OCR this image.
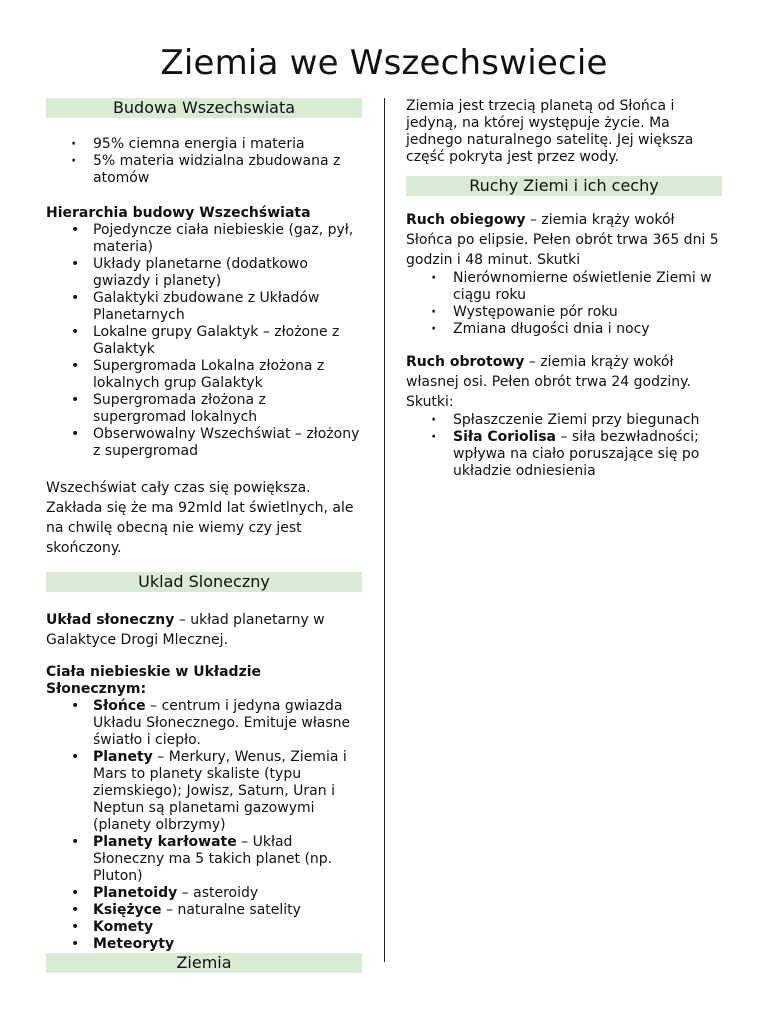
Ziemia we Wszechswiecie
Budowa Wszechswiata
· 95% ciemna energia i materia
· 5% materia widzialna zbudowana z atomów
Hierarchia budowy Wszechświata
• Pojedyncze ciała niebieskie (gaz, pył, materia)
• Układy planetarne (dodatkowo gwiazdy i planety)
• Galaktyki zbudowane z Układów Planetarnych
• Lokalne grupy Galaktyk – złożone z Galaktyk
• Supergromada Lokalna złożona z lokalnych grup Galaktyk
• Supergromada złożona z supergromad lokalnych
• Obserwowalny Wszechświat – złożony z supergromad

Wszechświat cały czas się powiększa. Zakłada się że ma 92mld lat świetlnych, ale na chwilę obecną nie wiemy czy jest skończony.

Uklad Sloneczny

Układ słoneczny – układ planetarny w Galaktyce Drogi Mlecznej.

Ciała niebieskie w Układzie Słonecznym:
• Słońce – centrum i jedyna gwiazda Układu Słonecznego. Emituje własne światło i ciepło.
• Planety – Merkury, Wenus, Ziemia i Mars to planety skaliste (typu ziemskiego); Jowisz, Saturn, Uran i Neptun są planetami gazowymi (planety olbrzymy)
• Planety karłowate – Układ Słoneczny ma 5 takich planet (np. Pluton)
• Planetoidy – asteroidy
• Księżyce – naturalne satelity
• Komety
• Meteoryty
Ziemia

Ziemia jest trzecią planetą od Słońca i jedyną, na której występuje życie. Ma jednego naturalnego satelitę. Jej większa część pokryta jest przez wody.

Ruchy Ziemi i ich cechy

Ruch obiegowy – ziemia krąży wokół Słońca po elipsie. Pełen obrót trwa 365 dni 5 godzin i 48 minut. Skutki

· Nierównomierne oświetlenie Ziemi w ciągu roku
· Występowanie pór roku
· Zmiana długości dnia i nocy

Ruch obrotowy – ziemia krąży wokół własnej osi. Pełen obrót trwa 24 godziny. Skutki:

· Spłaszczenie Ziemi przy biegunach
· Siła Coriolisa – siła bezwładności; wpływa na ciało poruszające się po układzie odniesienia
